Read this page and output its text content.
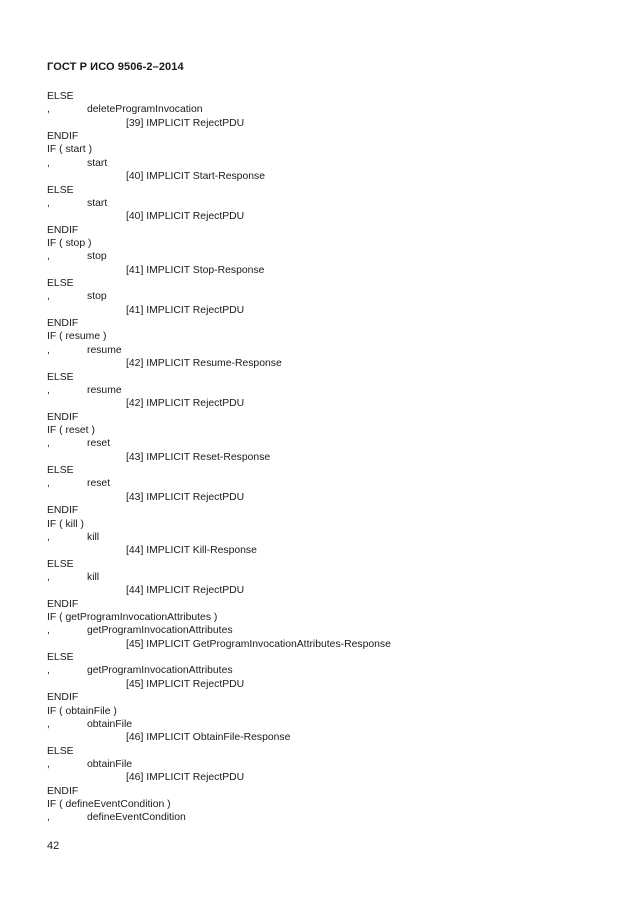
ГОСТ Р ИСО 9506-2–2014
ELSE
,	deleteProgramInvocation
[39] IMPLICIT RejectPDU
ENDIF
IF ( start )
,	start
[40] IMPLICIT Start-Response
ELSE
,	start
[40] IMPLICIT RejectPDU
ENDIF
IF ( stop )
,	stop
[41] IMPLICIT Stop-Response
ELSE
,	stop
[41] IMPLICIT RejectPDU
ENDIF
IF ( resume )
,	resume
[42] IMPLICIT Resume-Response
ELSE
,	resume
[42] IMPLICIT RejectPDU
ENDIF
IF ( reset )
,	reset
[43] IMPLICIT Reset-Response
ELSE
,	reset
[43] IMPLICIT RejectPDU
ENDIF
IF ( kill )
,	kill
[44] IMPLICIT Kill-Response
ELSE
,	kill
[44] IMPLICIT RejectPDU
ENDIF
IF ( getProgramInvocationAttributes )
,	getProgramInvocationAttributes
[45] IMPLICIT GetProgramInvocationAttributes-Response
ELSE
,	getProgramInvocationAttributes
[45] IMPLICIT RejectPDU
ENDIF
IF ( obtainFile )
,	obtainFile
[46] IMPLICIT ObtainFile-Response
ELSE
,	obtainFile
[46] IMPLICIT RejectPDU
ENDIF
IF ( defineEventCondition )
,	defineEventCondition
42
